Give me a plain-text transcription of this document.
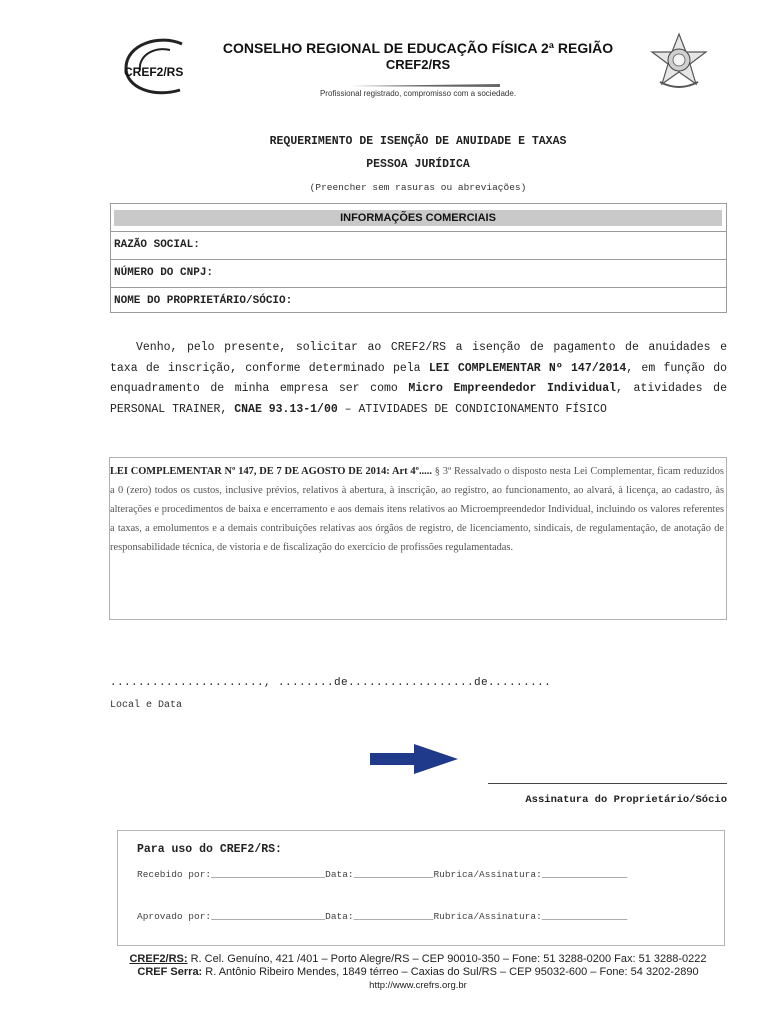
CREF2/RS
CONSELHO REGIONAL DE EDUCAÇÃO FÍSICA 2ª REGIÃO
CREF2/RS
Profissional registrado, compromisso com a sociedade.
REQUERIMENTO DE ISENÇÃO DE ANUIDADE E TAXAS
PESSOA JURÍDICA
(Preencher sem rasuras ou abreviações)
INFORMAÇÕES COMERCIAIS
RAZÃO SOCIAL:
NÚMERO DO CNPJ:
NOME DO PROPRIETÁRIO/SÓCIO:
Venho, pelo presente, solicitar ao CREF2/RS a isenção de pagamento de anuidades e taxa de inscrição, conforme determinado pela LEI COMPLEMENTAR Nº 147/2014, em função do enquadramento de minha empresa ser como Micro Empreendedor Individual, atividades de PERSONAL TRAINER, CNAE 93.13-1/00 – ATIVIDADES DE CONDICIONAMENTO FÍSICO
LEI COMPLEMENTAR Nº 147, DE 7 DE AGOSTO DE 2014: Art 4º..... § 3º Ressalvado o disposto nesta Lei Complementar, ficam reduzidos a 0 (zero) todos os custos, inclusive prévios, relativos à abertura, à inscrição, ao registro, ao funcionamento, ao alvará, à licença, ao cadastro, às alterações e procedimentos de baixa e encerramento e aos demais itens relativos ao Microempreendedor Individual, incluindo os valores referentes a taxas, a emolumentos e a demais contribuições relativas aos órgãos de registro, de licenciamento, sindicais, de regulamentação, de anotação de responsabilidade técnica, de vistoria e de fiscalização do exercício de profissões regulamentadas.
......................, ........de..................de.........
Local e Data
Assinatura do Proprietário/Sócio
Para uso do CREF2/RS:
Recebido por:____________________Data:______________Rubrica/Assinatura:_______________
Aprovado por:____________________Data:______________Rubrica/Assinatura:_______________
CREF2/RS: R. Cel. Genuíno, 421 /401 – Porto Alegre/RS – CEP 90010-350 – Fone: 51 3288-0200 Fax: 51 3288-0222
CREF Serra: R. Antônio Ribeiro Mendes, 1849 térreo – Caxias do Sul/RS – CEP 95032-600 – Fone: 54 3202-2890
http://www.crefrs.org.br
